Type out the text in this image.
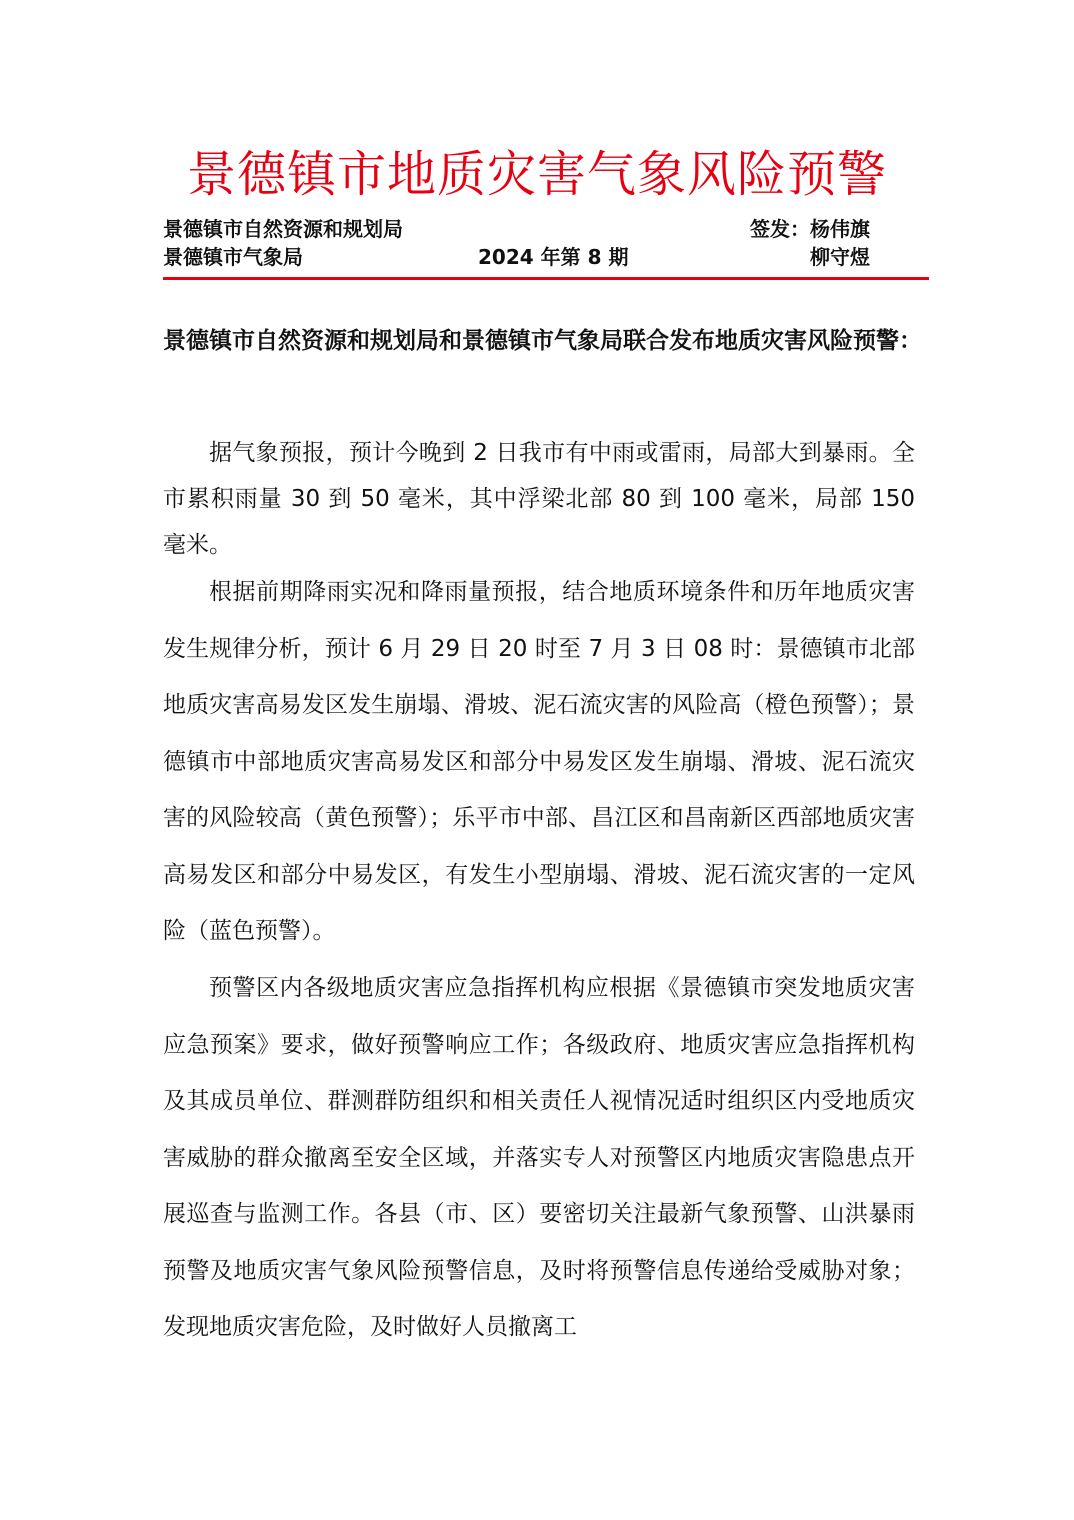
景德镇市地质灾害气象风险预警
景德镇市自然资源和规划局
景德镇市气象局	2024 年第 8 期
签发：杨伟旗
柳守煜
景德镇市自然资源和规划局和景德镇市气象局联合发布地质灾害风险预警：

据气象预报，预计今晚到 2 日我市有中雨或雷雨，局部大到暴雨。全市累积雨量 30 到 50 毫米，其中浮梁北部 80 到 100 毫米，局部 150 毫米。

根据前期降雨实况和降雨量预报，结合地质环境条件和历年地质灾害发生规律分析，预计 6 月 29 日 20 时至 7 月 3 日 08 时：景德镇市北部地质灾害高易发区发生崩塌、滑坡、泥石流灾害的风险高（橙色预警）；景德镇市中部地质灾害高易发区和部分中易发区发生崩塌、滑坡、泥石流灾害的风险较高（黄色预警）；乐平市中部、昌江区和昌南新区西部地质灾害高易发区和部分中易发区，有发生小型崩塌、滑坡、泥石流灾害的一定风险（蓝色预警）。

预警区内各级地质灾害应急指挥机构应根据《景德镇市突发地质灾害应急预案》要求，做好预警响应工作；各级政府、地质灾害应急指挥机构及其成员单位、群测群防组织和相关责任人视情况适时组织区内受地质灾害威胁的群众撤离至安全区域，并落实专人对预警区内地质灾害隐患点开展巡查与监测工作。各县（市、区）要密切关注最新气象预警、山洪暴雨预警及地质灾害气象风险预警信息，及时将预警信息传递给受威胁对象；发现地质灾害危险，及时做好人员撤离工
